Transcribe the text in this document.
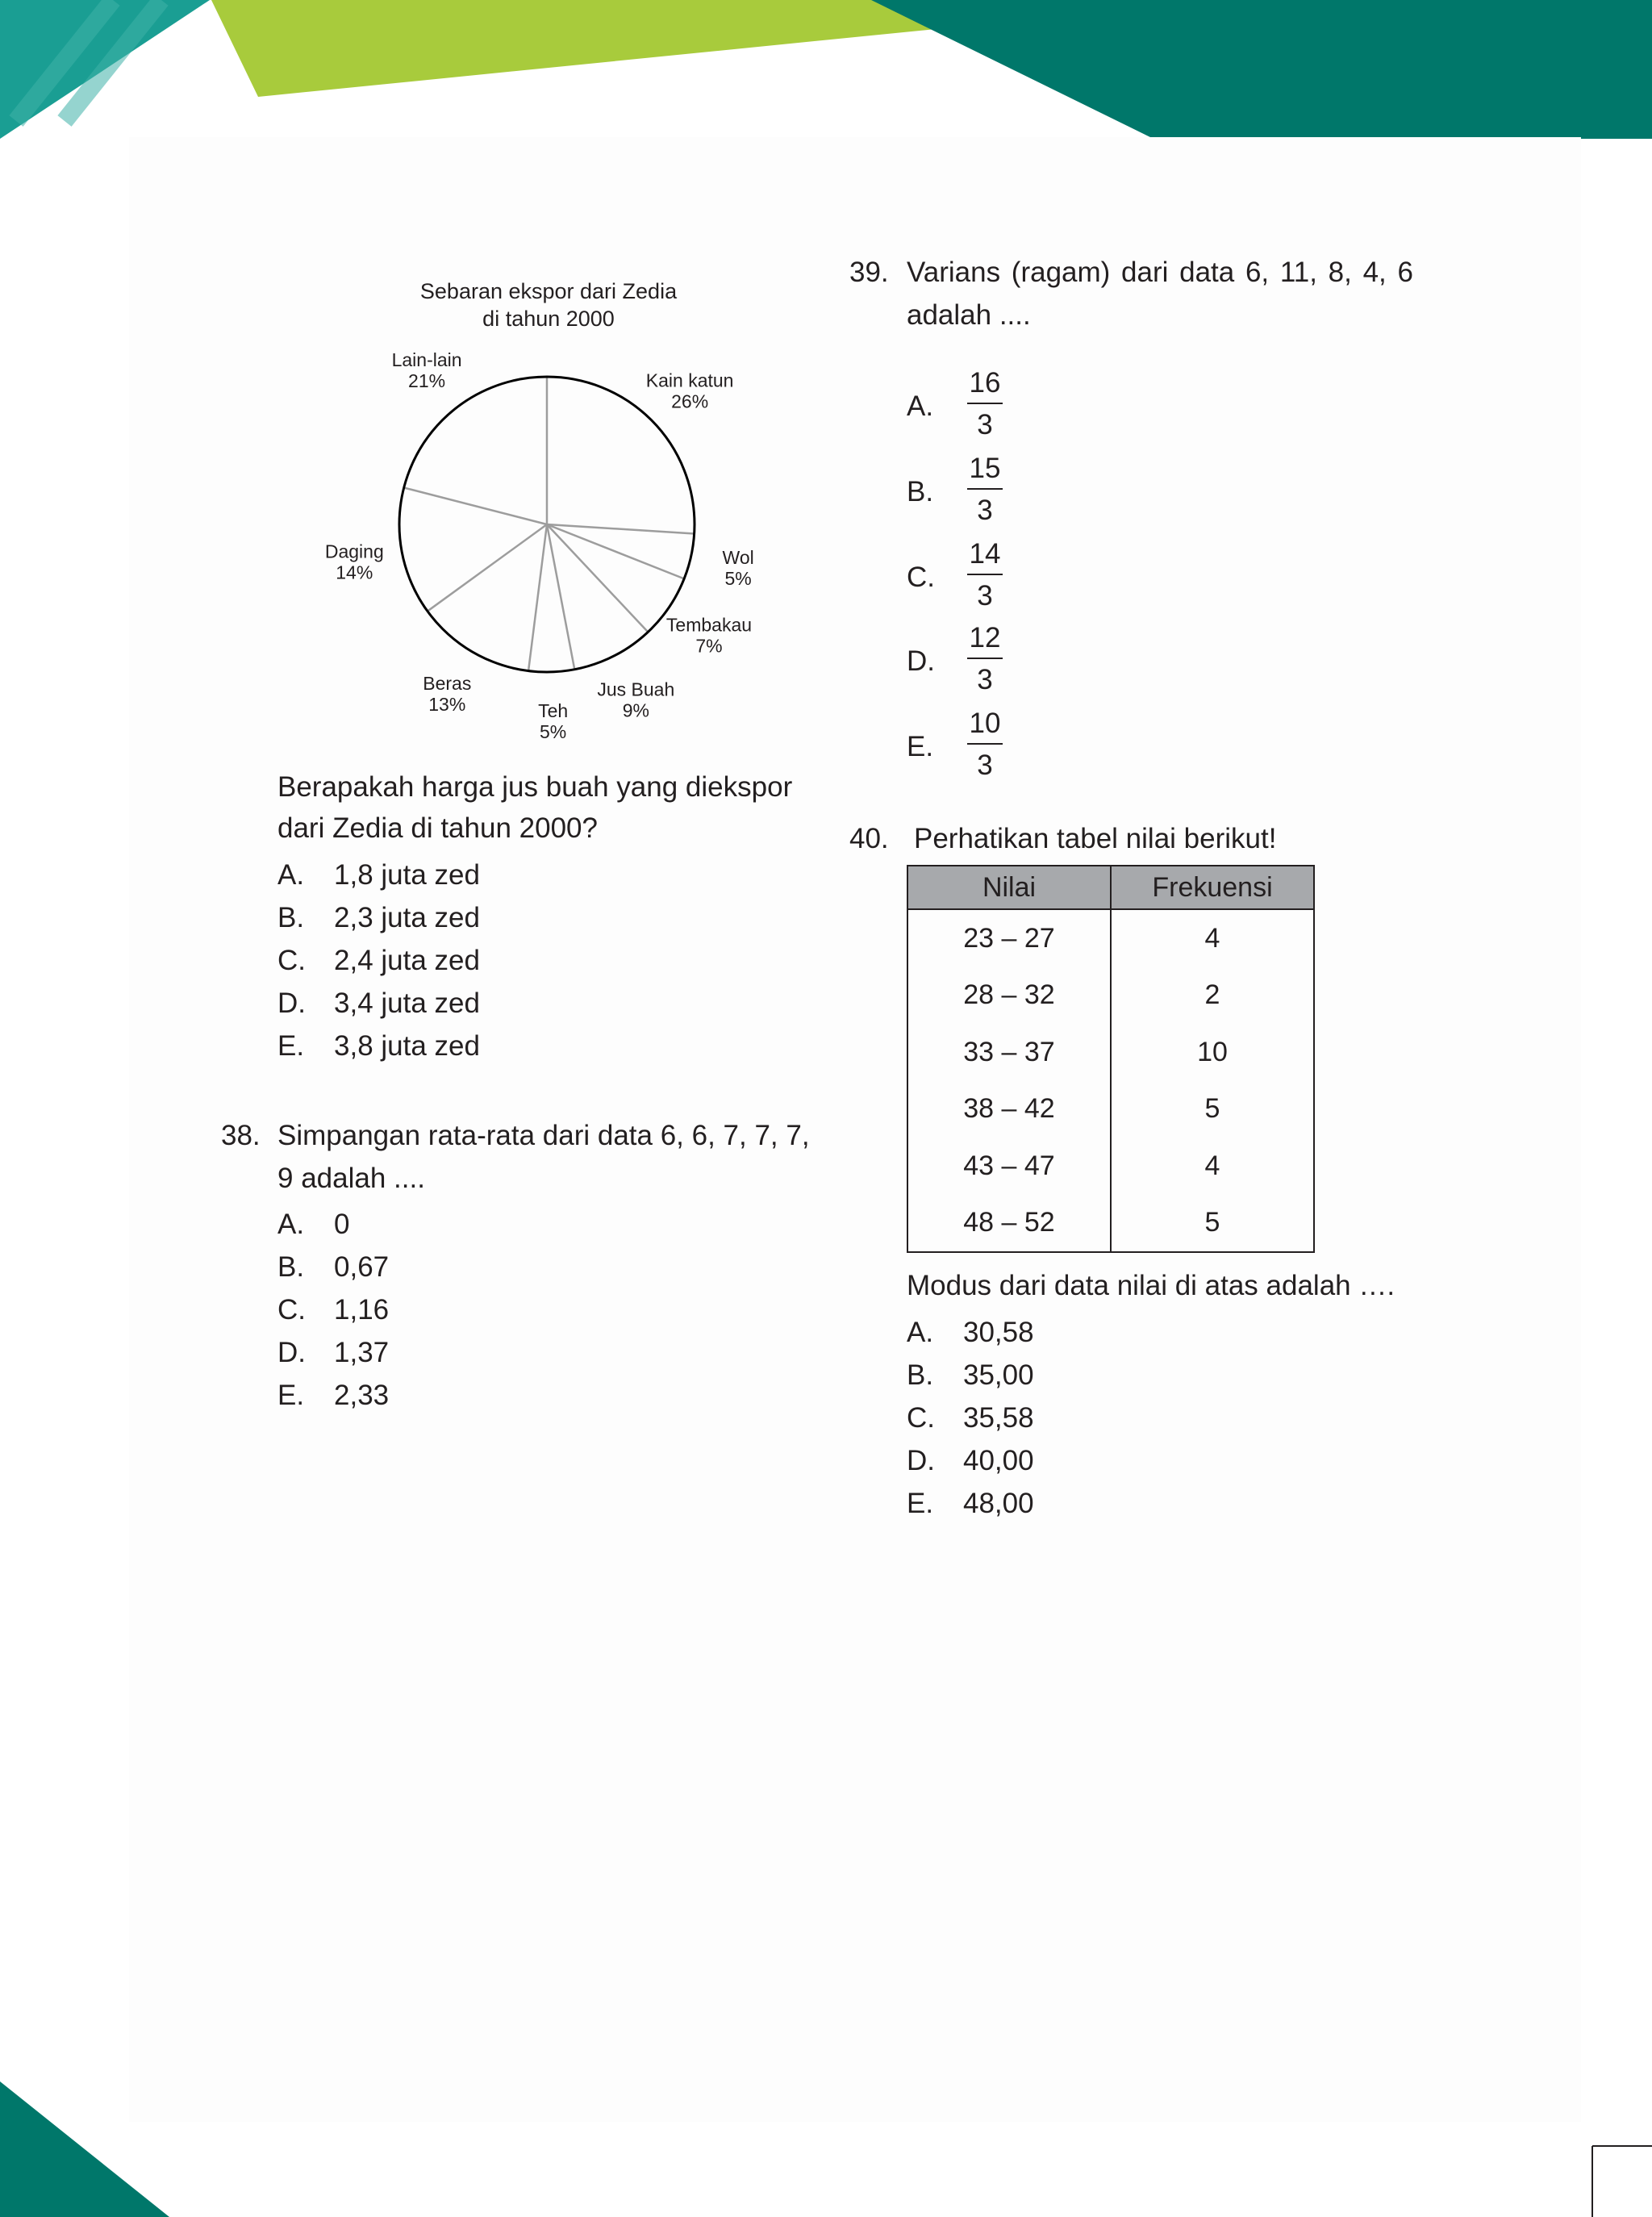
Sebaran ekspor dari Zedia
di tahun 2000
Kain katun
26%
Wol
5%
Tembakau
7%
Jus Buah
9%
Teh
5%
Beras
13%
Daging
14%
Lain-lain
21%
Berapakah harga jus buah yang diekspor
dari Zedia di tahun 2000?
A. 1,8 juta zed
B. 2,3 juta zed
C. 2,4 juta zed
D. 3,4 juta zed
E. 3,8 juta zed
38. Simpangan rata-rata dari data 6, 6, 7, 7, 7,
9 adalah ....
A. 0
B. 0,67
C. 1,16
D. 1,37
E. 2,33
39. Varians (ragam) dari data 6, 11, 8, 4, 6
adalah ....
A.
16
3
B.
15
3
C.
14
3
D.
12
3
E.
10
3
40. Perhatikan tabel nilai berikut!
Nilai	Frekuensi
23 – 27	4
28 – 32	2
33 – 37	10
38 – 42	5
43 – 47	4
48 – 52	5
Modus dari data nilai di atas adalah ….
A. 30,58
B. 35,00
C. 35,58
D. 40,00
E. 48,00
